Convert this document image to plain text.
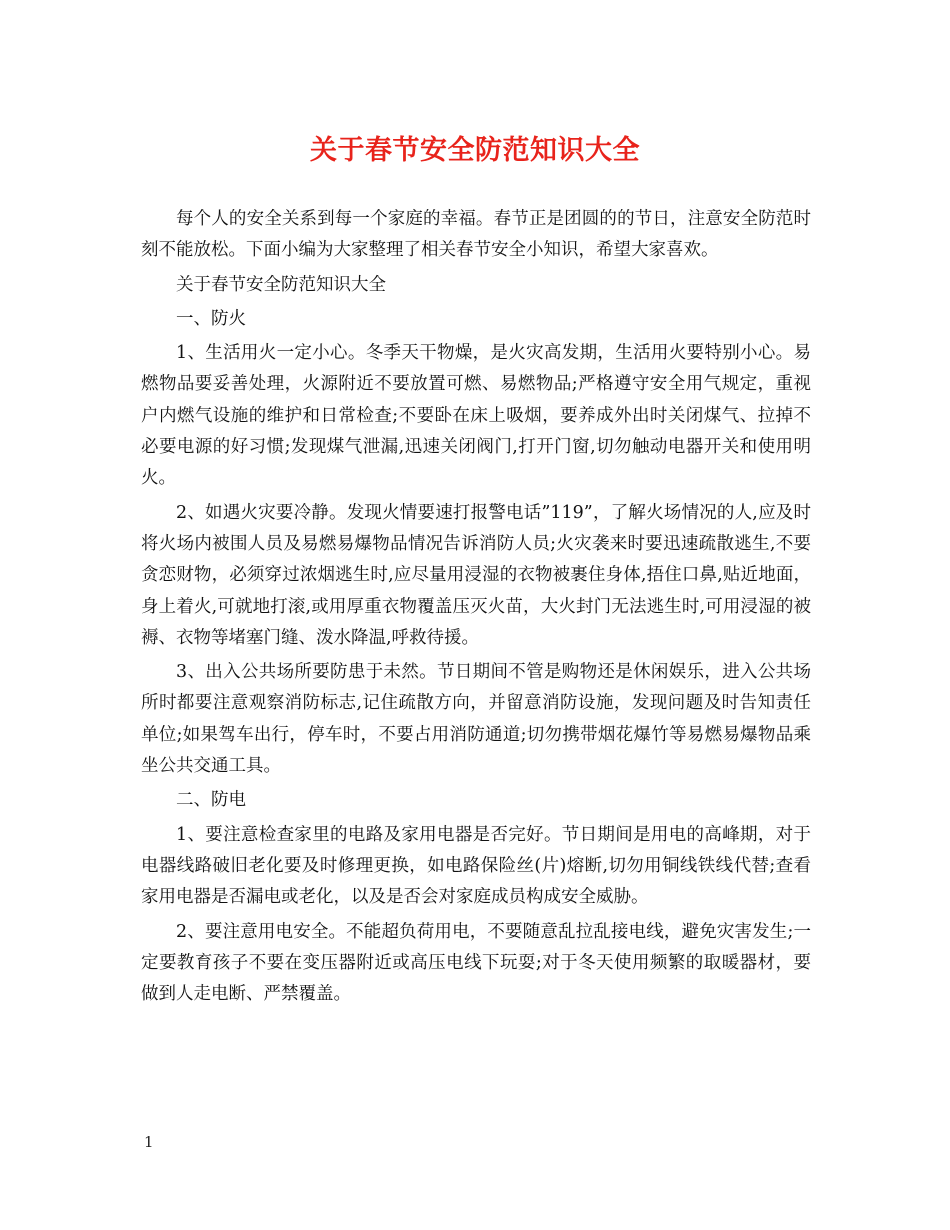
关于春节安全防范知识大全

每个人的安全关系到每一个家庭的幸福。春节正是团圆的的节日，注意安全防范时刻不能放松。下面小编为大家整理了相关春节安全小知识，希望大家喜欢。

关于春节安全防范知识大全

一、防火

1、生活用火一定小心。冬季天干物燥，是火灾高发期，生活用火要特别小心。易燃物品要妥善处理，火源附近不要放置可燃、易燃物品;严格遵守安全用气规定，重视户内燃气设施的维护和日常检查;不要卧在床上吸烟，要养成外出时关闭煤气、拉掉不必要电源的好习惯;发现煤气泄漏,迅速关闭阀门,打开门窗,切勿触动电器开关和使用明火。

2、如遇火灾要冷静。发现火情要速打报警电话”119”，了解火场情况的人,应及时将火场内被围人员及易燃易爆物品情况告诉消防人员;火灾袭来时要迅速疏散逃生,不要贪恋财物，必须穿过浓烟逃生时,应尽量用浸湿的衣物被裹住身体,捂住口鼻,贴近地面，身上着火,可就地打滚,或用厚重衣物覆盖压灭火苗，大火封门无法逃生时,可用浸湿的被褥、衣物等堵塞门缝、泼水降温,呼救待援。

3、出入公共场所要防患于未然。节日期间不管是购物还是休闲娱乐，进入公共场所时都要注意观察消防标志,记住疏散方向，并留意消防设施，发现问题及时告知责任单位;如果驾车出行，停车时，不要占用消防通道;切勿携带烟花爆竹等易燃易爆物品乘坐公共交通工具。

二、防电

1、要注意检查家里的电路及家用电器是否完好。节日期间是用电的高峰期，对于电器线路破旧老化要及时修理更换，如电路保险丝(片)熔断,切勿用铜线铁线代替;查看家用电器是否漏电或老化，以及是否会对家庭成员构成安全威胁。

2、要注意用电安全。不能超负荷用电，不要随意乱拉乱接电线，避免灾害发生;一定要教育孩子不要在变压器附近或高压电线下玩耍;对于冬天使用频繁的取暖器材，要做到人走电断、严禁覆盖。

1
